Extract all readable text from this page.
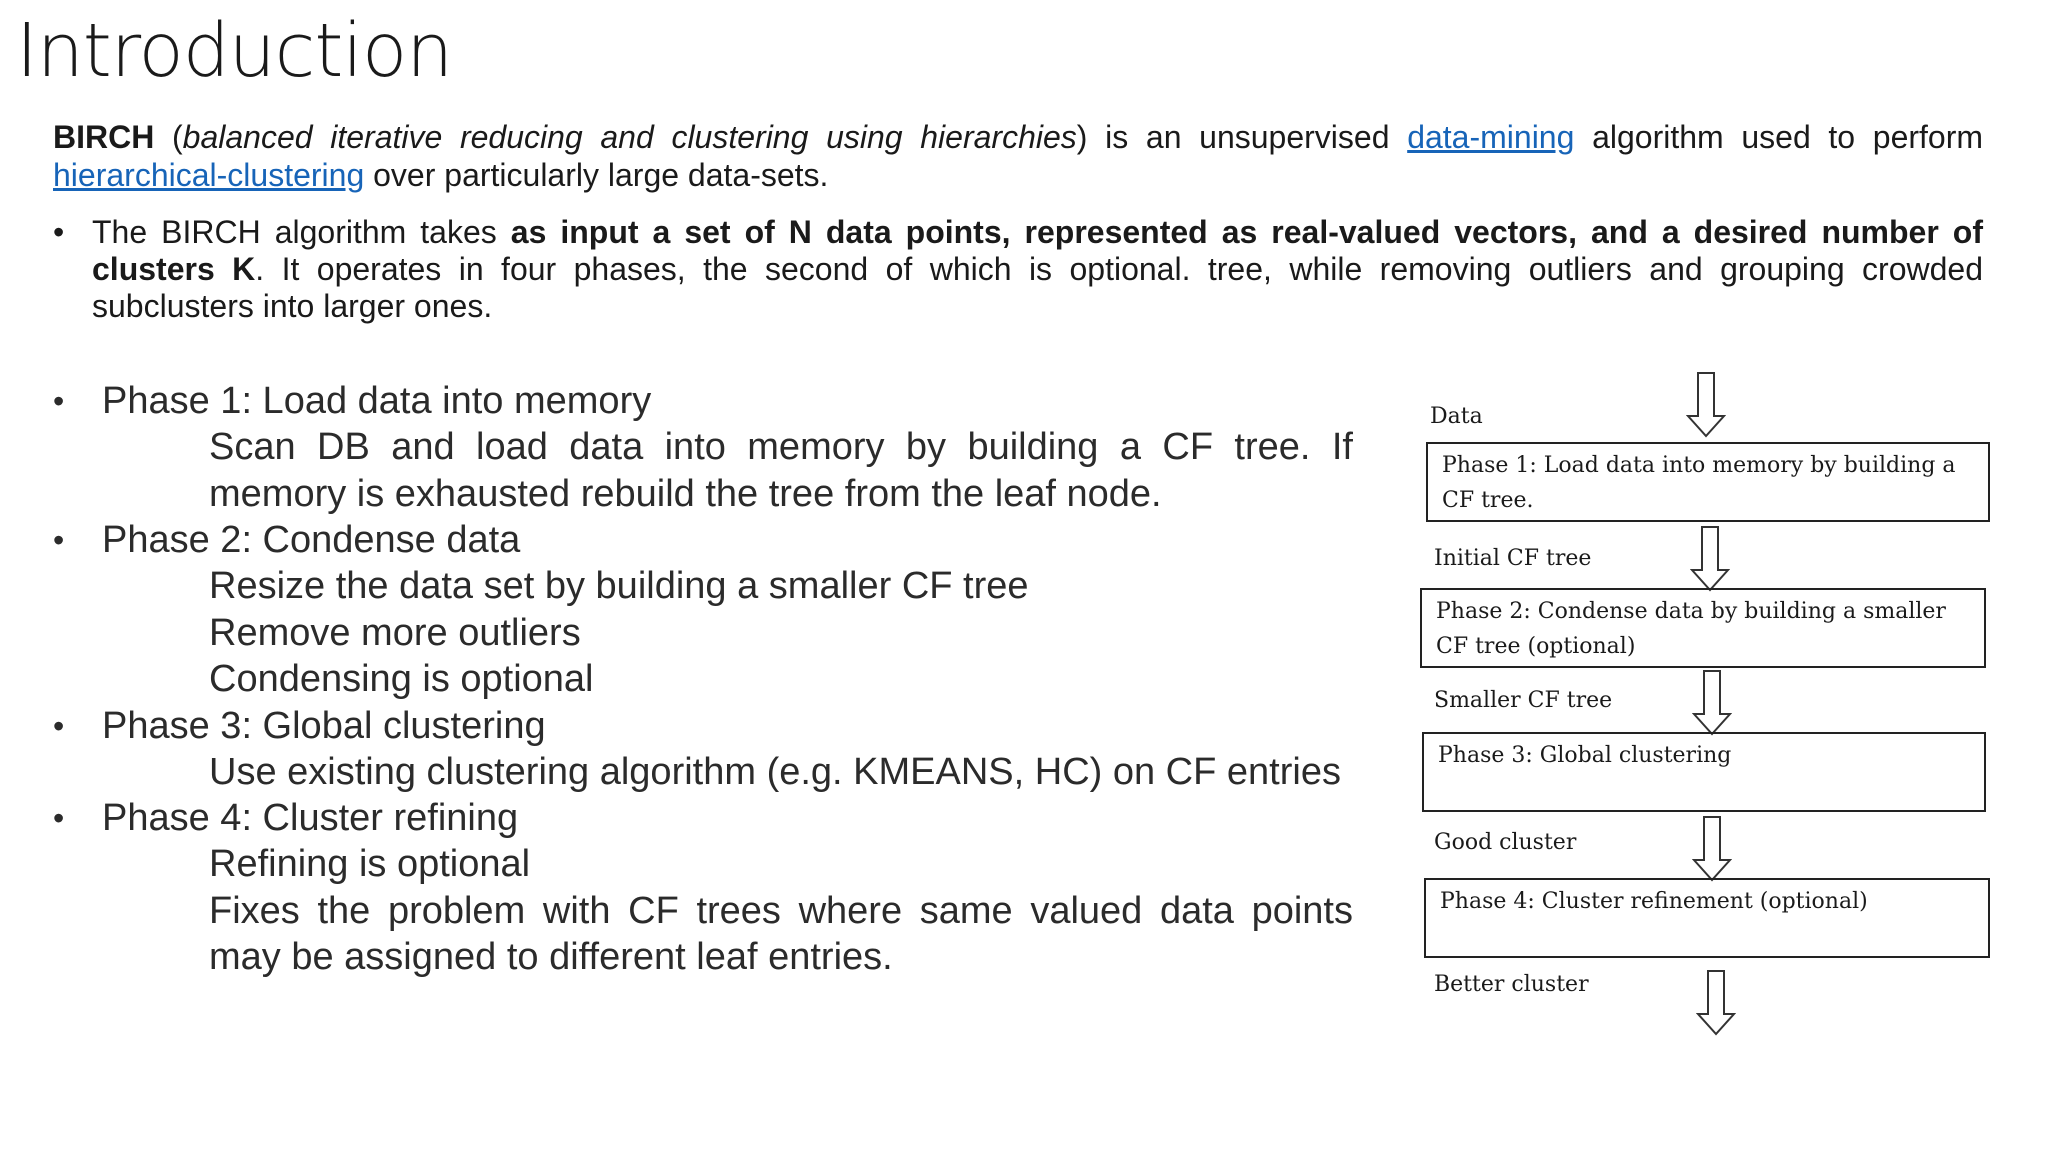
Introduction
BIRCH (balanced iterative reducing and clustering using hierarchies) is an unsupervised data-mining algorithm used to perform hierarchical-clustering over particularly large data-sets.
• The BIRCH algorithm takes as input a set of N data points, represented as real-valued vectors, and a desired number of clusters K. It operates in four phases, the second of which is optional. tree, while removing outliers and grouping crowded subclusters into larger ones.
• Phase 1: Load data into memory
Scan DB and load data into memory by building a CF tree. If memory is exhausted rebuild the tree from the leaf node.
• Phase 2: Condense data
Resize the data set by building a smaller CF tree
Remove more outliers
Condensing is optional
• Phase 3: Global clustering
Use existing clustering algorithm (e.g. KMEANS, HC) on CF entries
• Phase 4: Cluster refining
Refining is optional
Fixes the problem with CF trees where same valued data points may be assigned to different leaf entries.
Data
Phase 1: Load data into memory by building a CF tree.
Initial CF tree
Phase 2: Condense data by building a smaller CF tree (optional)
Smaller CF tree
Phase 3: Global clustering
Good cluster
Phase 4: Cluster refinement (optional)
Better cluster
